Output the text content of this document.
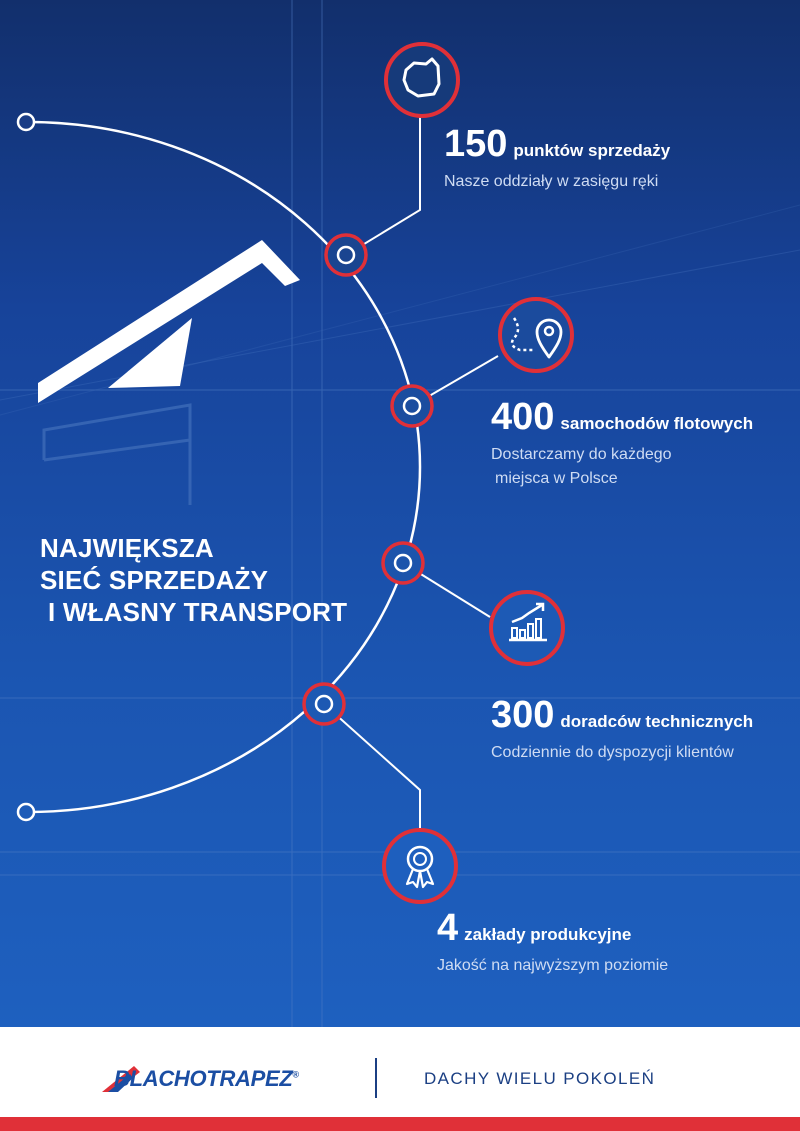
NAJWIĘKSZA
SIEĆ SPRZEDAŻY
I WŁASNY TRANSPORT
150 punktów sprzedaży
Nasze oddziały w zasięgu ręki
400 samochodów flotowych
Dostarczamy do każdego
miejsca w Polsce
300 doradców technicznych
Codziennie do dyspozycji klientów
4 zakłady produkcyjne
Jakość na najwyższym poziomie
BLACHOTRAPEZ®	DACHY WIELU POKOLEŃ
